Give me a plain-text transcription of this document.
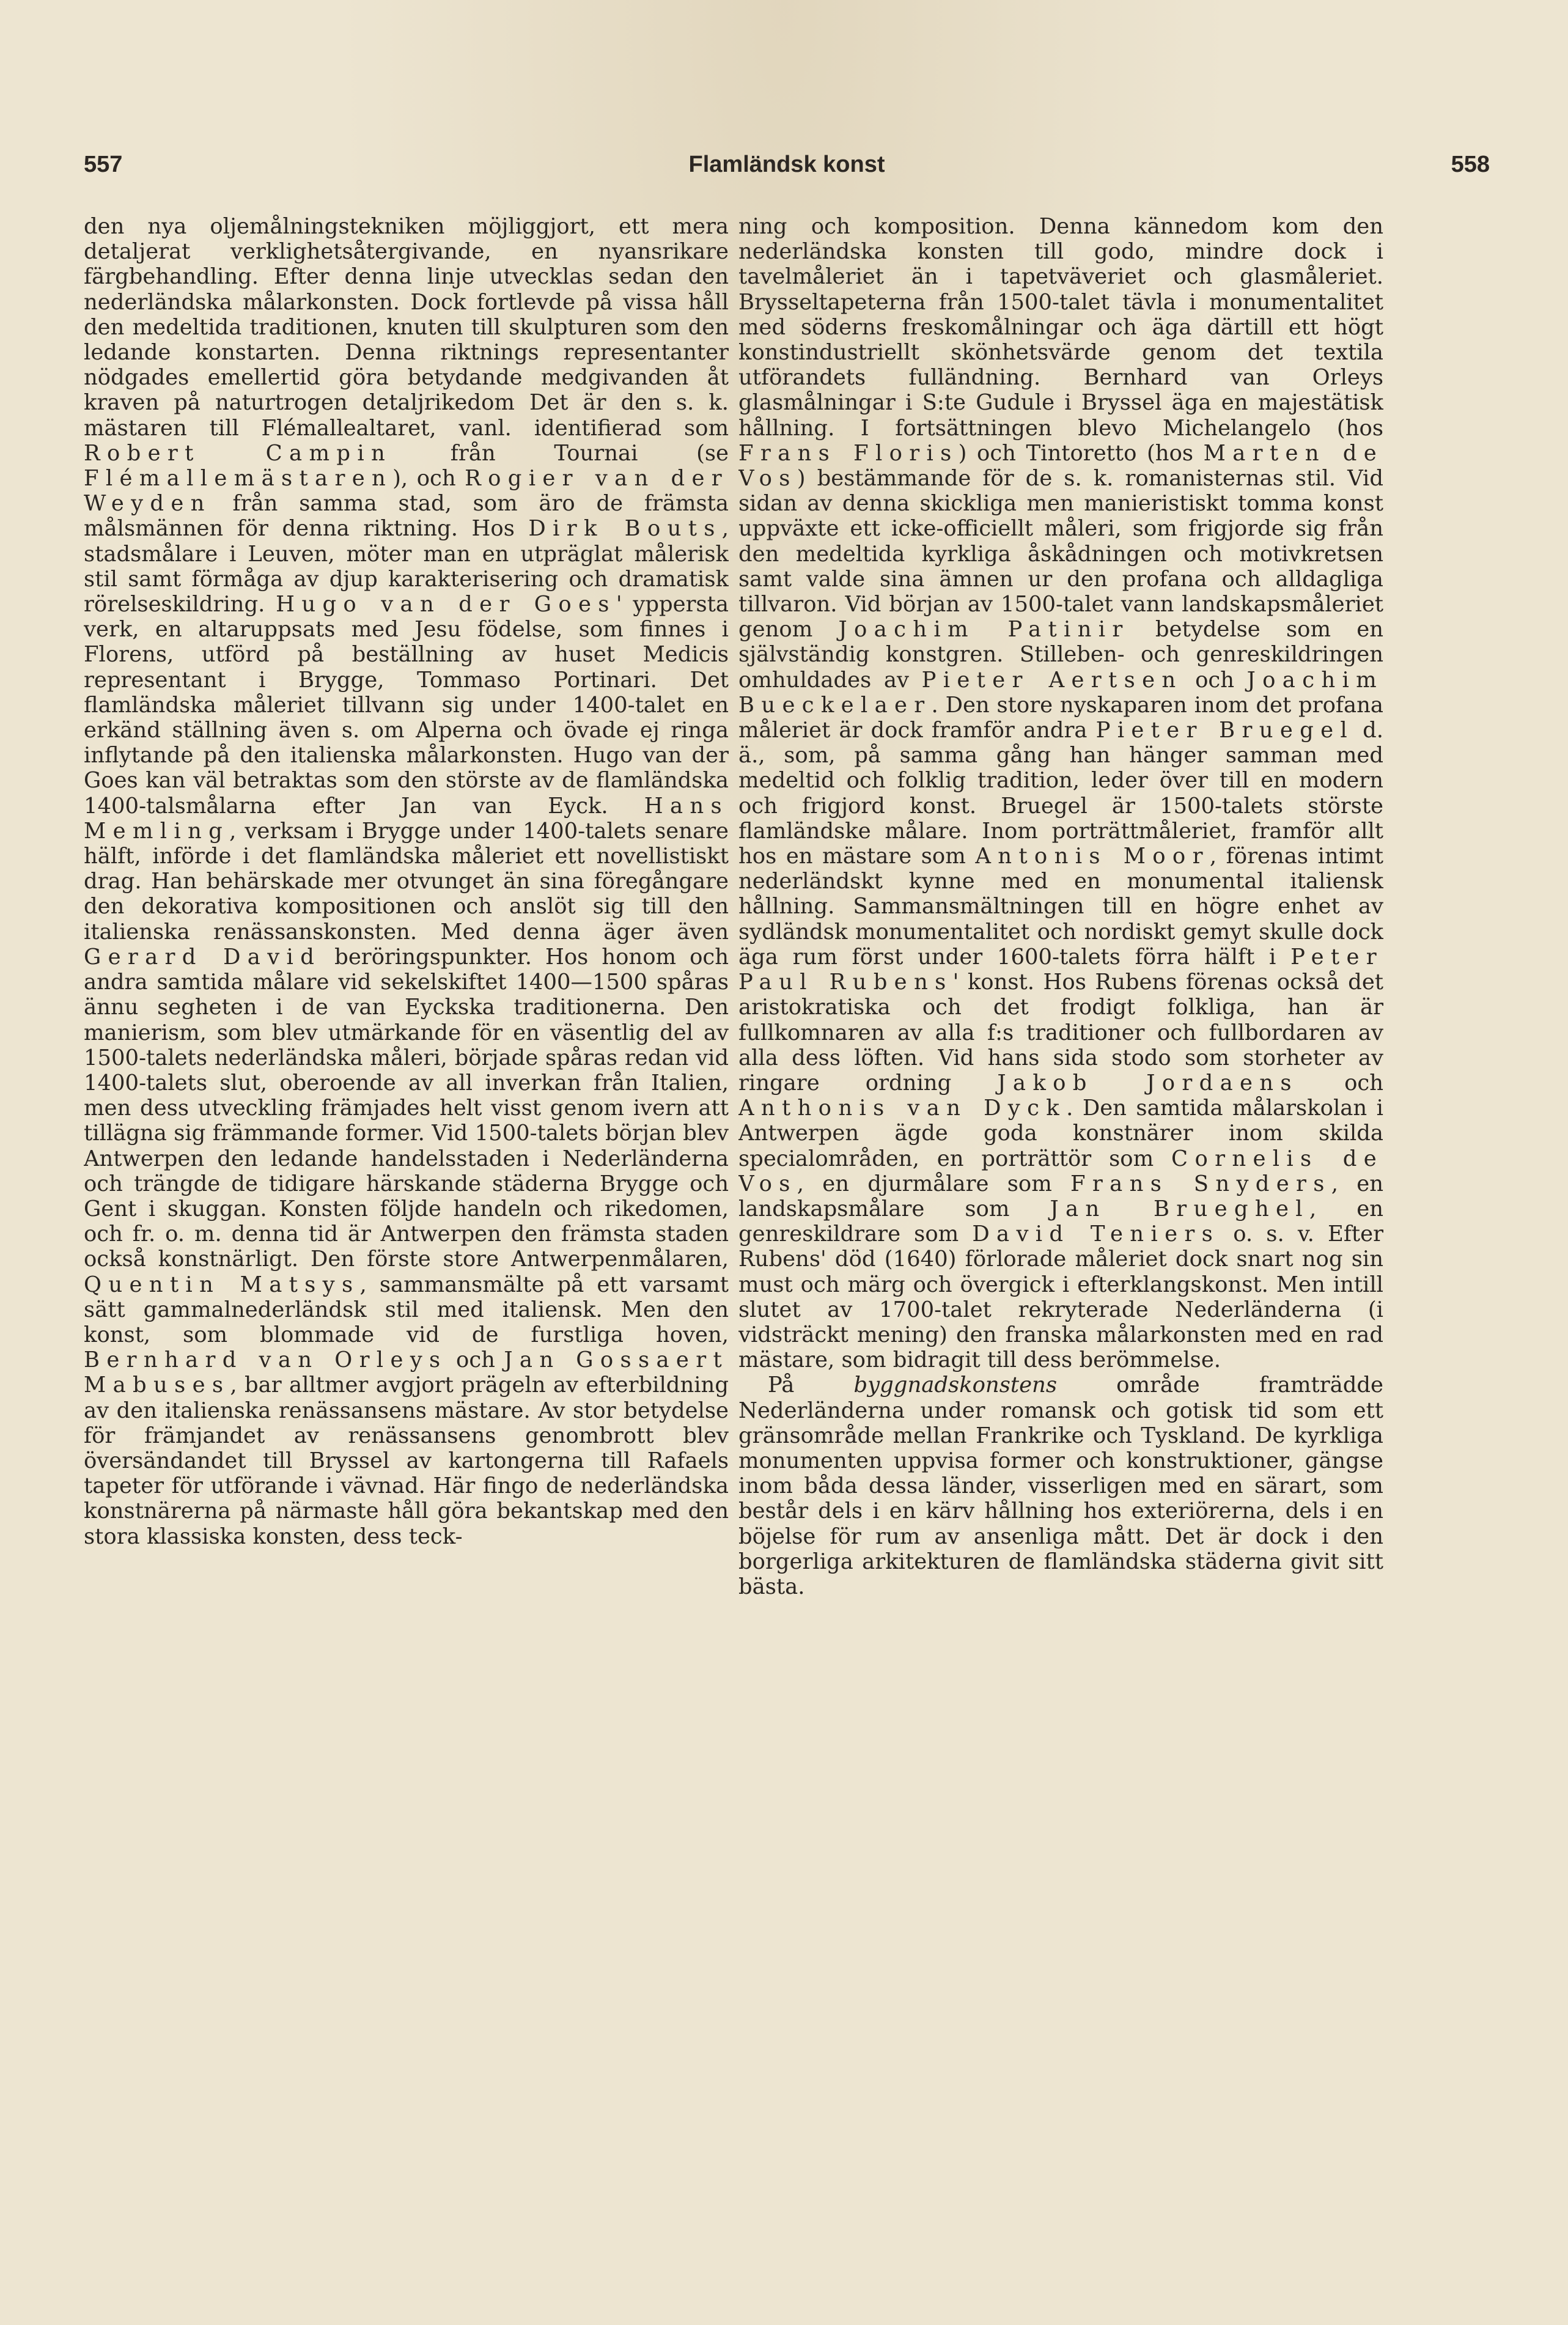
557	Flamländsk konst	558

den nya oljemålningstekniken möjliggjort, ett mera detaljerat verklighetsåtergivande, en nyansrikare färgbehandling. Efter denna linje utvecklas sedan den nederländska målarkonsten. Dock fortlevde på vissa håll den medeltida traditionen, knuten till skulpturen som den ledande konstarten. Denna riktnings representanter nödgades emellertid göra betydande medgivanden åt kraven på naturtrogen detaljrikedom Det är den s. k. mästaren till Flémallealtaret, vanl. identifierad som Robert Campin från Tournai (se Flémallemästaren), och Rogier van der Weyden från samma stad, som äro de främsta målsmännen för denna riktning. Hos Dirk Bouts, stadsmålare i Leuven, möter man en utpräglat målerisk stil samt förmåga av djup karakterisering och dramatisk rörelseskildring. Hugo van der Goes' yppersta verk, en altaruppsats med Jesu födelse, som finnes i Florens, utförd på beställning av huset Medicis representant i Brygge, Tommaso Portinari. Det flamländska måleriet tillvann sig under 1400-talet en erkänd ställning även s. om Alperna och övade ej ringa inflytande på den italienska målarkonsten. Hugo van der Goes kan väl betraktas som den störste av de flamländska 1400-talsmålarna efter Jan van Eyck. Hans Memling, verksam i Brygge under 1400-talets senare hälft, införde i det flamländska måleriet ett novellistiskt drag. Han behärskade mer otvunget än sina föregångare den dekorativa kompositionen och anslöt sig till den italienska renässanskonsten. Med denna äger även Gerard David beröringspunkter. Hos honom och andra samtida målare vid sekelskiftet 1400—1500 spåras ännu segheten i de van Eyckska traditionerna. Den manierism, som blev utmärkande för en väsentlig del av 1500-talets nederländska måleri, började spåras redan vid 1400-talets slut, oberoende av all inverkan från Italien, men dess utveckling främjades helt visst genom ivern att tillägna sig främmande former. Vid 1500-talets början blev Antwerpen den ledande handelsstaden i Nederländerna och trängde de tidigare härskande städerna Brygge och Gent i skuggan. Konsten följde handeln och rikedomen, och fr. o. m. denna tid är Antwerpen den främsta staden också konstnärligt. Den förste store Antwerpenmålaren, Quentin Matsys, sammansmälte på ett varsamt sätt gammalnederländsk stil med italiensk. Men den konst, som blommade vid de furstliga hoven, Bernhard van Orleys och Jan Gossaert Mabuses, bar alltmer avgjort prägeln av efterbildning av den italienska renässansens mästare. Av stor betydelse för främjandet av renässansens genombrott blev översändandet till Bryssel av kartongerna till Rafaels tapeter för utförande i vävnad. Här fingo de nederländska konstnärerna på närmaste håll göra bekantskap med den stora klassiska konsten, dess teck-

ning och komposition. Denna kännedom kom den nederländska konsten till godo, mindre dock i tavelmåleriet än i tapetväveriet och glasmåleriet. Brysseltapeterna från 1500-talet tävla i monumentalitet med söderns freskomålningar och äga därtill ett högt konstindustriellt skönhetsvärde genom det textila utförandets fulländning. Bernhard van Orleys glasmålningar i S:te Gudule i Bryssel äga en majestätisk hållning. I fortsättningen blevo Michelangelo (hos Frans Floris) och Tintoretto (hos Marten de Vos) bestämmande för de s. k. romanisternas stil. Vid sidan av denna skickliga men manieristiskt tomma konst uppväxte ett icke-officiellt måleri, som frigjorde sig från den medeltida kyrkliga åskådningen och motivkretsen samt valde sina ämnen ur den profana och alldagliga tillvaron. Vid början av 1500-talet vann landskapsmåleriet genom Joachim Patinir betydelse som en självständig konstgren. Stilleben- och genreskildringen omhuldades av Pieter Aertsen och Joachim Bueckelaer. Den store nyskaparen inom det profana måleriet är dock framför andra Pieter Bruegel d. ä., som, på samma gång han hänger samman med medeltid och folklig tradition, leder över till en modern och frigjord konst. Bruegel är 1500-talets störste flamländske målare. Inom porträttmåleriet, framför allt hos en mästare som Antonis Moor, förenas intimt nederländskt kynne med en monumental italiensk hållning. Sammansmältningen till en högre enhet av sydländsk monumentalitet och nordiskt gemyt skulle dock äga rum först under 1600-talets förra hälft i Peter Paul Rubens' konst. Hos Rubens förenas också det aristokratiska och det frodigt folkliga, han är fullkomnaren av alla f:s traditioner och fullbordaren av alla dess löften. Vid hans sida stodo som storheter av ringare ordning Jakob Jordaens och Anthonis van Dyck. Den samtida målarskolan i Antwerpen ägde goda konstnärer inom skilda specialområden, en porträttör som Cornelis de Vos, en djurmålare som Frans Snyders, en landskapsmålare som Jan Brueghel, en genreskildrare som David Teniers o. s. v. Efter Rubens' död (1640) förlorade måleriet dock snart nog sin must och märg och övergick i efterklangskonst. Men intill slutet av 1700-talet rekryterade Nederländerna (i vidsträckt mening) den franska målarkonsten med en rad mästare, som bidragit till dess berömmelse.

På byggnadskonstens område framträdde Nederländerna under romansk och gotisk tid som ett gränsområde mellan Frankrike och Tyskland. De kyrkliga monumenten uppvisa former och konstruktioner, gängse inom båda dessa länder, visserligen med en särart, som består dels i en kärv hållning hos exteriörerna, dels i en böjelse för rum av ansenliga mått. Det är dock i den borgerliga arkitekturen de flamländska städerna givit sitt bästa.
